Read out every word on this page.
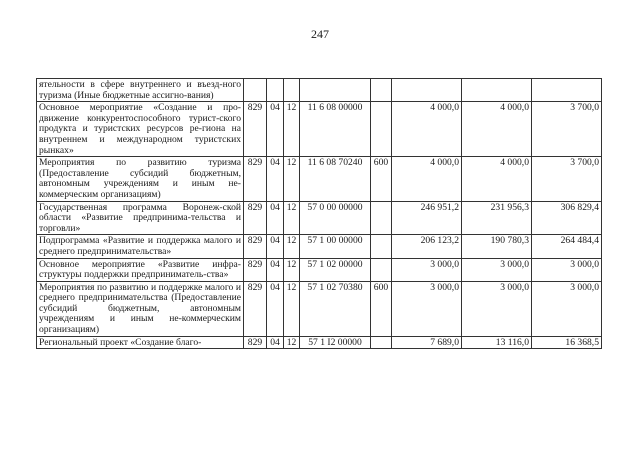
247
ятельности в сфере внутреннего и въезд-ного туризма (Иные бюджетные ассигно-вания)								
Основное мероприятие «Создание и про-движение конкурентоспособного турист-ского продукта и туристских ресурсов ре-гиона на внутреннем и международном туристских рынках»	829	04	12	11 6 08 00000		4 000,0	4 000,0	3 700,0
Мероприятия по развитию туризма (Предоставление субсидий бюджетным, автономным учреждениям и иным не-коммерческим организациям)	829	04	12	11 6 08 70240	600	4 000,0	4 000,0	3 700,0
Государственная программа Воронеж-ской области «Развитие предпринима-тельства и торговли»	829	04	12	57 0 00 00000		246 951,2	231 956,3	306 829,4
Подпрограмма «Развитие и поддержка малого и среднего предпринимательства»	829	04	12	57 1 00 00000		206 123,2	190 780,3	264 484,4
Основное мероприятие «Развитие инфра-структуры поддержки предприниматель-ства»	829	04	12	57 1 02 00000		3 000,0	3 000,0	3 000,0
Мероприятия по развитию и поддержке малого и среднего предпринимательства (Предоставление субсидий бюджетным, автономным учреждениям и иным не-коммерческим организациям)	829	04	12	57 1 02 70380	600	3 000,0	3 000,0	3 000,0
Региональный проект «Создание благо-	829	04	12	57 1 I2 00000		7 689,0	13 116,0	16 368,5
